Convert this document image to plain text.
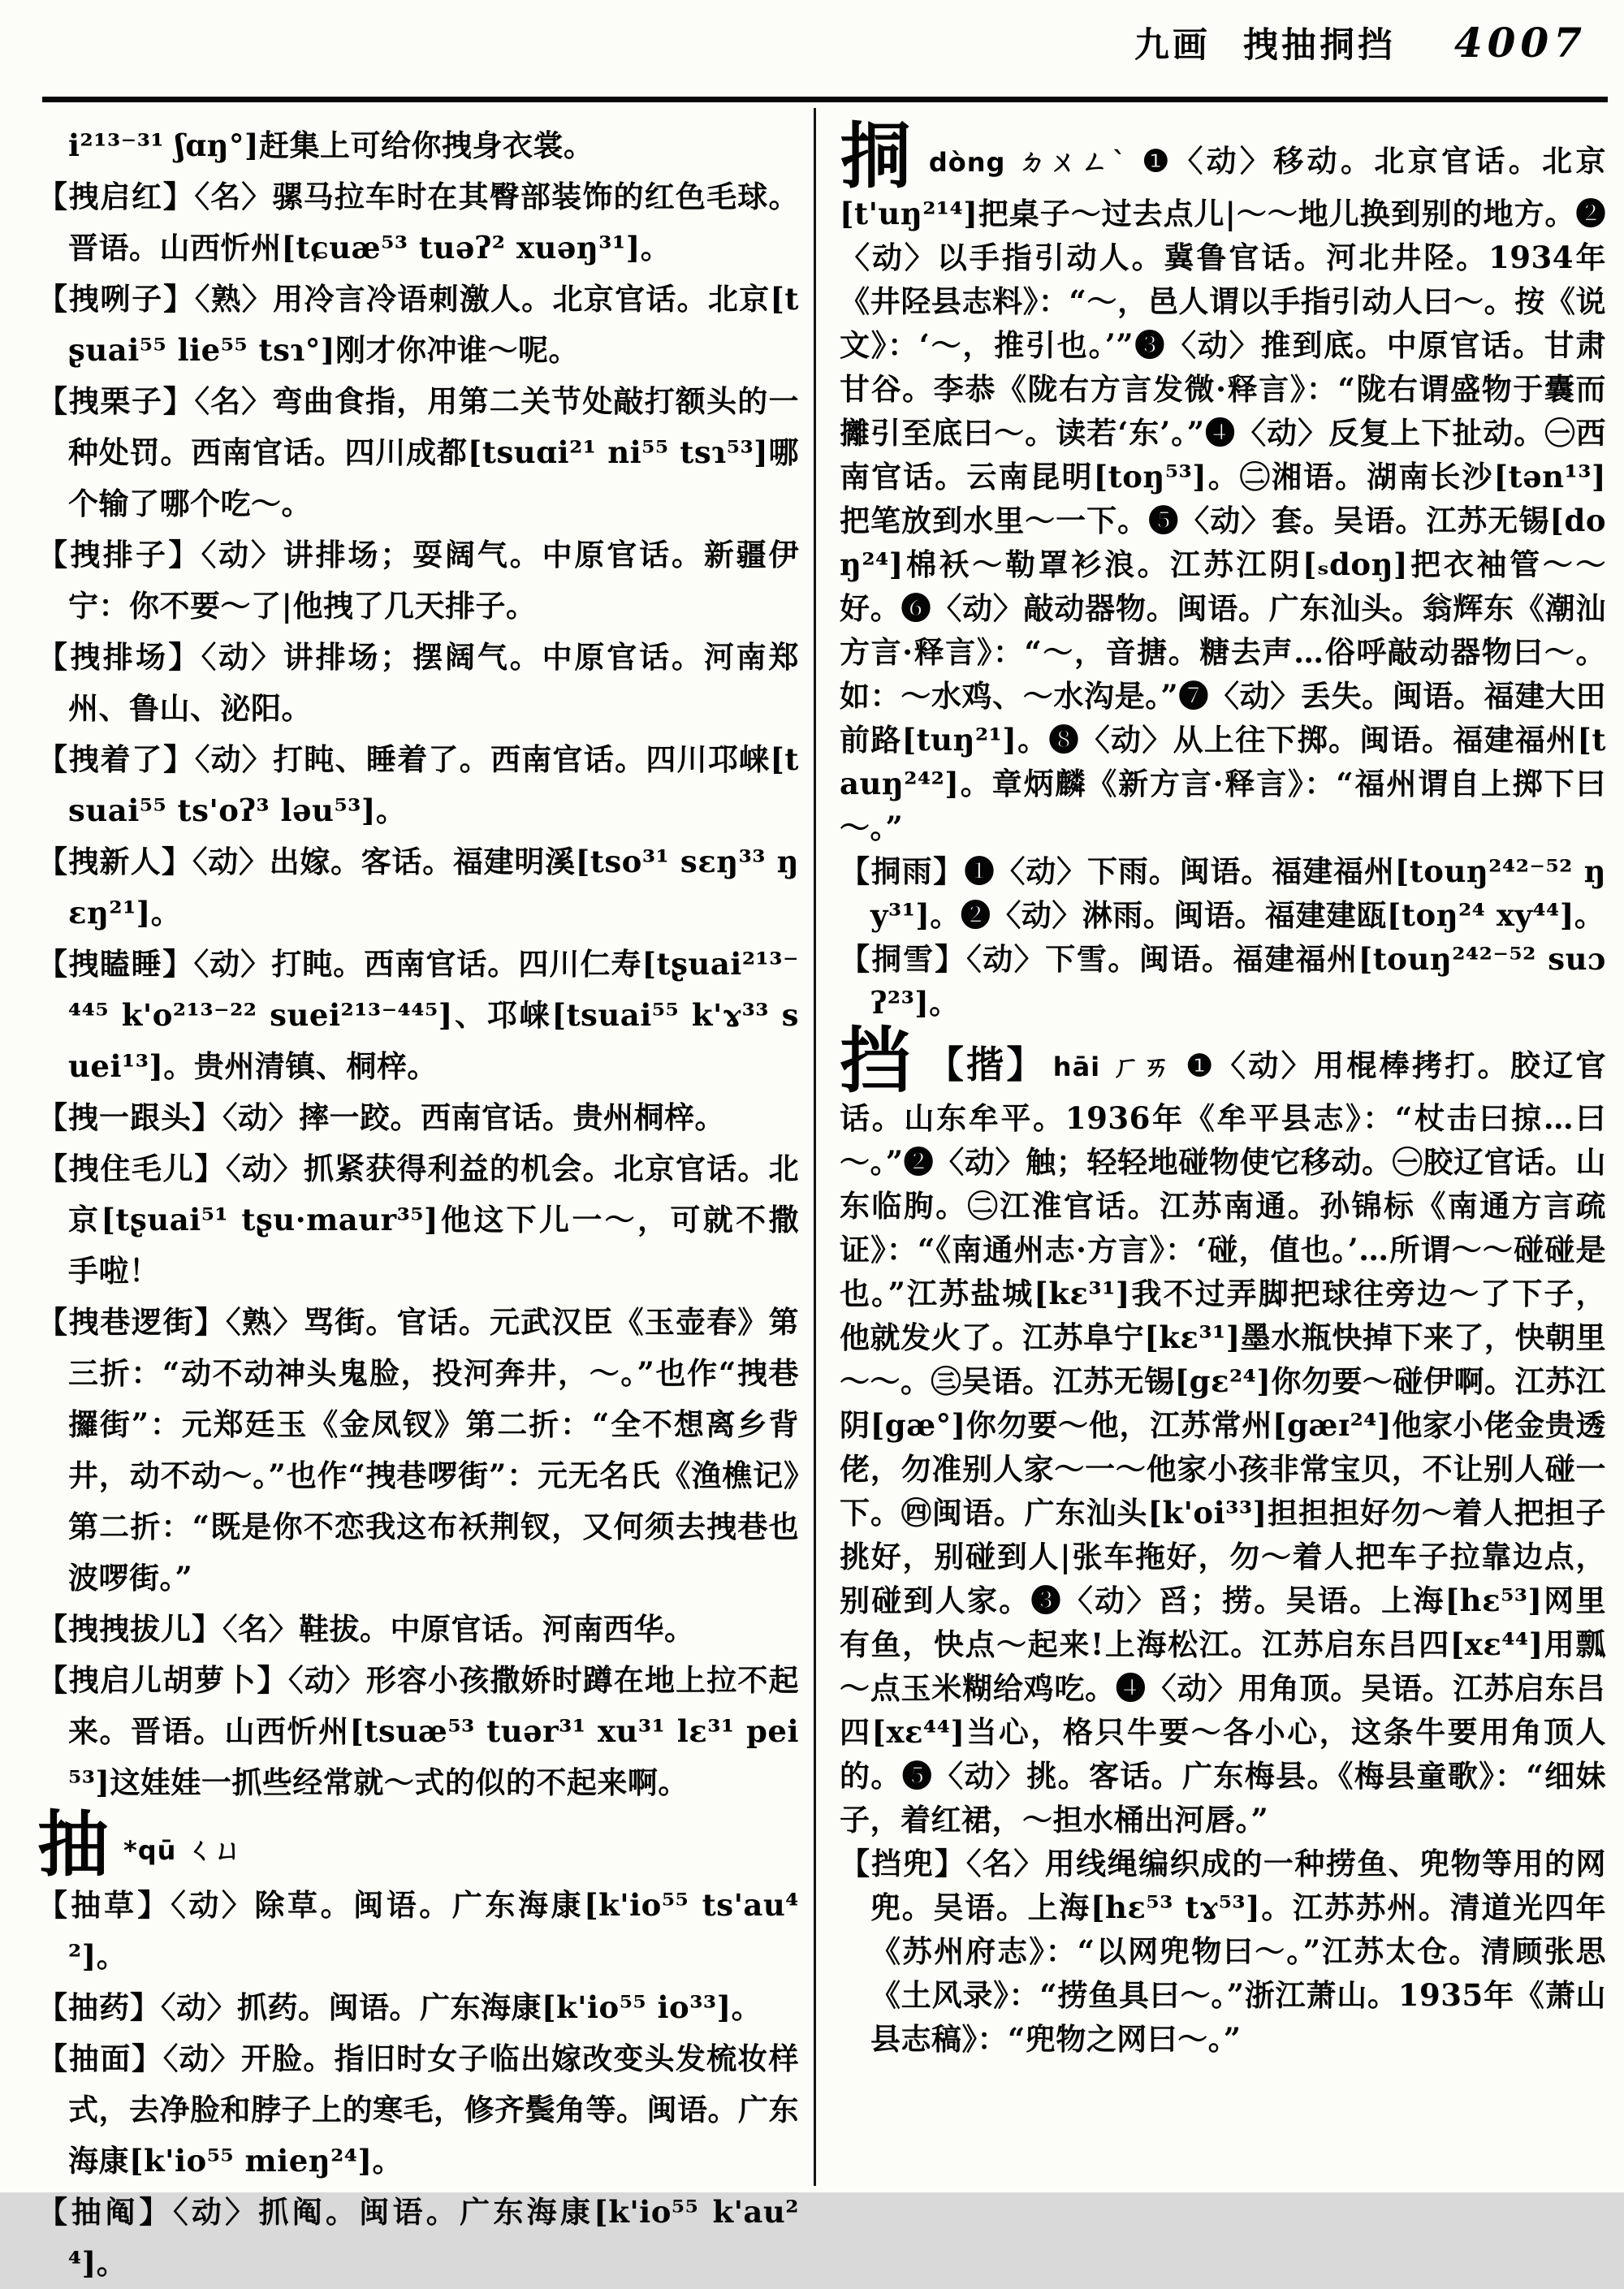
九画 拽抽挏挡 4007

i²¹³⁻³¹ ʃɑŋ°]赶集上可给你拽身衣裳。

【拽启红】〈名〉骡马拉车时在其臀部装饰的红色毛球。晋语。山西忻州[tɕuæ⁵³ tuəʔ² xuəŋ³¹]。

【拽咧子】〈熟〉用冷言冷语刺激人。北京官话。北京[tʂuai⁵⁵ lie⁵⁵ tsɿ°]刚才你冲谁～呢。

【拽栗子】〈名〉弯曲食指，用第二关节处敲打额头的一种处罚。西南官话。四川成都[tsuɑi²¹ ni⁵⁵ tsɿ⁵³]哪个输了哪个吃～。

【拽排子】〈动〉讲排场；耍阔气。中原官话。新疆伊宁：你不要～了|他拽了几天排子。

【拽排场】〈动〉讲排场；摆阔气。中原官话。河南郑州、鲁山、泌阳。

【拽着了】〈动〉打盹、睡着了。西南官话。四川邛崃[tsuai⁵⁵ ts'oʔ³ ləu⁵³]。

【拽新人】〈动〉出嫁。客话。福建明溪[tso³¹ sɛŋ³³ ŋɛŋ²¹]。

【拽瞌睡】〈动〉打盹。西南官话。四川仁寿[tʂuai²¹³⁻⁴⁴⁵ k'o²¹³⁻²² suei²¹³⁻⁴⁴⁵]、邛崃[tsuai⁵⁵ k'ɤ³³ suei¹³]。贵州清镇、桐梓。

【拽一跟头】〈动〉摔一跤。西南官话。贵州桐梓。

【拽住毛儿】〈动〉抓紧获得利益的机会。北京官话。北京[tʂuai⁵¹ tʂu·maur³⁵]他这下儿一～，可就不撒手啦！

【拽巷逻街】〈熟〉骂街。官话。元武汉臣《玉壶春》第三折：“动不动神头鬼脸，投河奔井，～。”也作“拽巷攞街”：元郑廷玉《金凤钗》第二折：“全不想离乡背井，动不动～。”也作“拽巷啰街”：元无名氏《渔樵记》第二折：“既是你不恋我这布袄荆钗，又何须去拽巷也波啰街。”

【拽拽拔儿】〈名〉鞋拔。中原官话。河南西华。

【拽启儿胡萝卜】〈动〉形容小孩撒娇时蹲在地上拉不起来。晋语。山西忻州[tsuæ⁵³ tuər³¹ xu³¹ lɛ³¹ pei⁵³]这娃娃一抓些经常就～式的似的不起来啊。

抽 *qū ㄑㄩ

【抽草】〈动〉除草。闽语。广东海康[k'io⁵⁵ ts'au⁴²]。

【抽药】〈动〉抓药。闽语。广东海康[k'io⁵⁵ io³³]。

【抽面】〈动〉开脸。指旧时女子临出嫁改变头发梳妆样式，去净脸和脖子上的寒毛，修齐鬓角等。闽语。广东海康[k'io⁵⁵ mieŋ²⁴]。

【抽阄】〈动〉抓阄。闽语。广东海康[k'io⁵⁵ k'au²⁴]。

挏dòng ㄉㄨㄥˋ ❶〈动〉移动。北京官话。北京[t'uŋ²¹⁴]把桌子～过去点儿|～～地儿换到别的地方。❷〈动〉以手指引动人。冀鲁官话。河北井陉。1934年《井陉县志料》：“～，邑人谓以手指引动人曰～。按《说文》：‘～，推引也。’”❸〈动〉推到底。中原官话。甘肃甘谷。李恭《陇右方言发微·释言》：“陇右谓盛物于囊而攡引至底曰～。读若‘东’。”❹〈动〉反复上下扯动。㊀西南官话。云南昆明[toŋ⁵³]。㊁湘语。湖南长沙[tən¹³]把笔放到水里～一下。❺〈动〉套。吴语。江苏无锡[doŋ²⁴]棉袄～勒罩衫浪。江苏江阴[ₛdoŋ]把衣袖管～～好。❻〈动〉敲动器物。闽语。广东汕头。翁辉东《潮汕方言·释言》：“～，音搪。糖去声…俗呼敲动器物曰～。如：～水鸡、～水沟是。”❼〈动〉丢失。闽语。福建大田前路[tuŋ²¹]。❽〈动〉从上往下掷。闽语。福建福州[tauŋ²⁴²]。章炳麟《新方言·释言》：“福州谓自上掷下曰～。”

【挏雨】❶〈动〉下雨。闽语。福建福州[touŋ²⁴²⁻⁵² ŋy³¹]。❷〈动〉淋雨。闽语。福建建瓯[toŋ²⁴ xy⁴⁴]。

【挏雪】〈动〉下雪。闽语。福建福州[touŋ²⁴²⁻⁵² suɔʔ²³]。

挡 【揩】 hāi ㄏㄞ ❶〈动〉用棍棒拷打。胶辽官话。山东牟平。1936年《牟平县志》：“杖击曰掠…曰～。”❷〈动〉触；轻轻地碰物使它移动。㊀胶辽官话。山东临朐。㊁江淮官话。江苏南通。孙锦标《南通方言疏证》：“《南通州志·方言》：‘碰，值也。’…所谓～～碰碰是也。”江苏盐城[kɛ³¹]我不过弄脚把球往旁边～了下子，他就发火了。江苏阜宁[kɛ³¹]墨水瓶快掉下来了，快朝里～～。㊂吴语。江苏无锡[gɛ²⁴]你勿要～碰伊啊。江苏江阴[gæ°]你勿要～他，江苏常州[gæɪ²⁴]他家小佬金贵透佬，勿准别人家～一～他家小孩非常宝贝，不让别人碰一下。㊃闽语。广东汕头[k'oi³³]担担担好勿～着人把担子挑好，别碰到人|张车拖好，勿～着人把车子拉靠边点，别碰到人家。❸〈动〉舀；捞。吴语。上海[hɛ⁵³]网里有鱼，快点～起来!上海松江。江苏启东吕四[xɛ⁴⁴]用瓢～点玉米糊给鸡吃。❹〈动〉用角顶。吴语。江苏启东吕四[xɛ⁴⁴]当心，格只牛要～各小心，这条牛要用角顶人的。❺〈动〉挑。客话。广东梅县。《梅县童歌》：“细妹子，着红裙，～担水桶出河唇。”

【挡兜】〈名〉用线绳编织成的一种捞鱼、兜物等用的网兜。吴语。上海[hɛ⁵³ tɤ⁵³]。江苏苏州。清道光四年《苏州府志》：“以网兜物曰～。”江苏太仓。清顾张思《土风录》：“捞鱼具曰～。”浙江萧山。1935年《萧山县志稿》：“兜物之网曰～。”
